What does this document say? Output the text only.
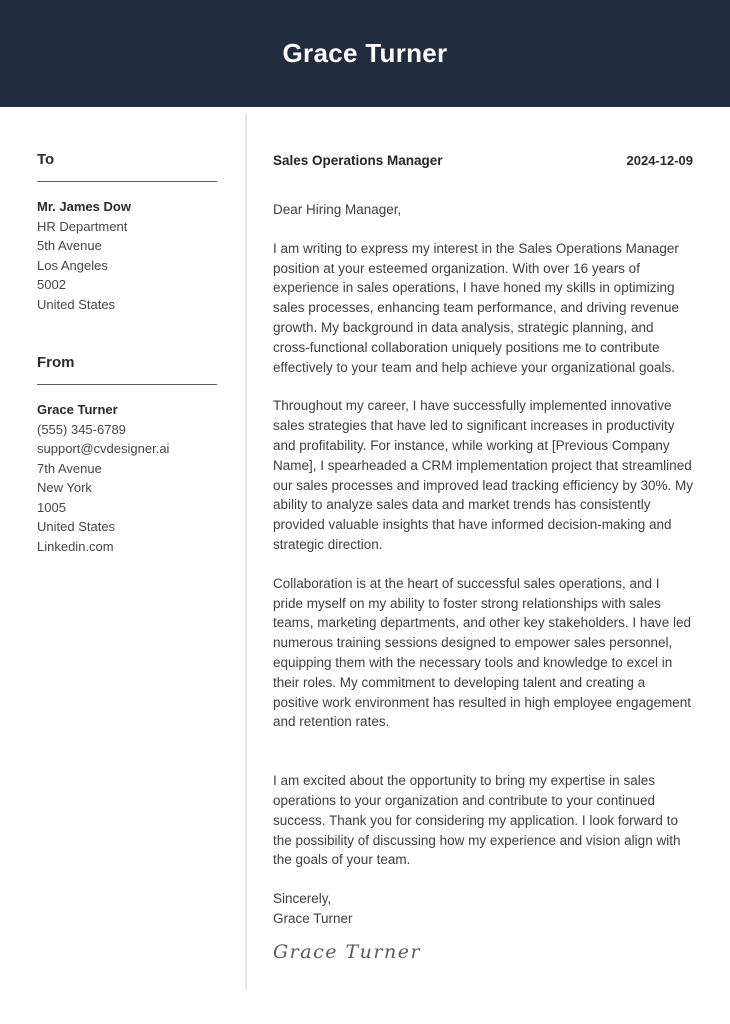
Grace Turner
To
Mr. James Dow
HR Department
5th Avenue
Los Angeles
5002
United States
From
Grace Turner
(555) 345-6789
support@cvdesigner.ai
7th Avenue
New York
1005
United States
Linkedin.com
Sales Operations Manager	2024-12-09

Dear Hiring Manager,

I am writing to express my interest in the Sales Operations Manager position at your esteemed organization. With over 16 years of experience in sales operations, I have honed my skills in optimizing sales processes, enhancing team performance, and driving revenue growth. My background in data analysis, strategic planning, and cross-functional collaboration uniquely positions me to contribute effectively to your team and help achieve your organizational goals.

Throughout my career, I have successfully implemented innovative sales strategies that have led to significant increases in productivity and profitability. For instance, while working at [Previous Company Name], I spearheaded a CRM implementation project that streamlined our sales processes and improved lead tracking efficiency by 30%. My ability to analyze sales data and market trends has consistently provided valuable insights that have informed decision-making and strategic direction.

Collaboration is at the heart of successful sales operations, and I pride myself on my ability to foster strong relationships with sales teams, marketing departments, and other key stakeholders. I have led numerous training sessions designed to empower sales personnel, equipping them with the necessary tools and knowledge to excel in their roles. My commitment to developing talent and creating a positive work environment has resulted in high employee engagement and retention rates.

I am excited about the opportunity to bring my expertise in sales operations to your organization and contribute to your continued success. Thank you for considering my application. I look forward to the possibility of discussing how my experience and vision align with the goals of your team.

Sincerely,
Grace Turner
Grace Turner
